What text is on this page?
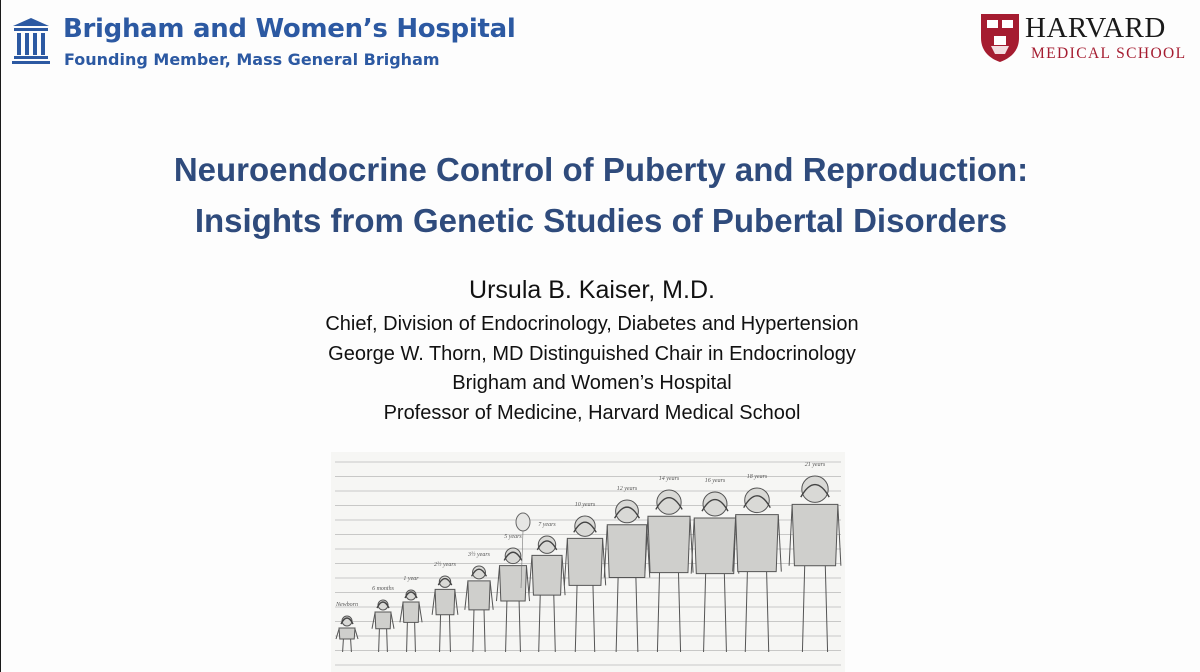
Brigham and Women’s Hospital
Founding Member, Mass General Brigham
HARVARD
MEDICAL SCHOOL
Neuroendocrine Control of Puberty and Reproduction:
Insights from Genetic Studies of Pubertal Disorders
Ursula B. Kaiser, M.D.
Chief, Division of Endocrinology, Diabetes and Hypertension
George W. Thorn, MD Distinguished Chair in Endocrinology
Brigham and Women’s Hospital
Professor of Medicine, Harvard Medical School
Newborn
6 months
1 year
2½ years
3½ years
5 years
7 years
10 years
12 years
14 years	16 years
18 years
21 years
